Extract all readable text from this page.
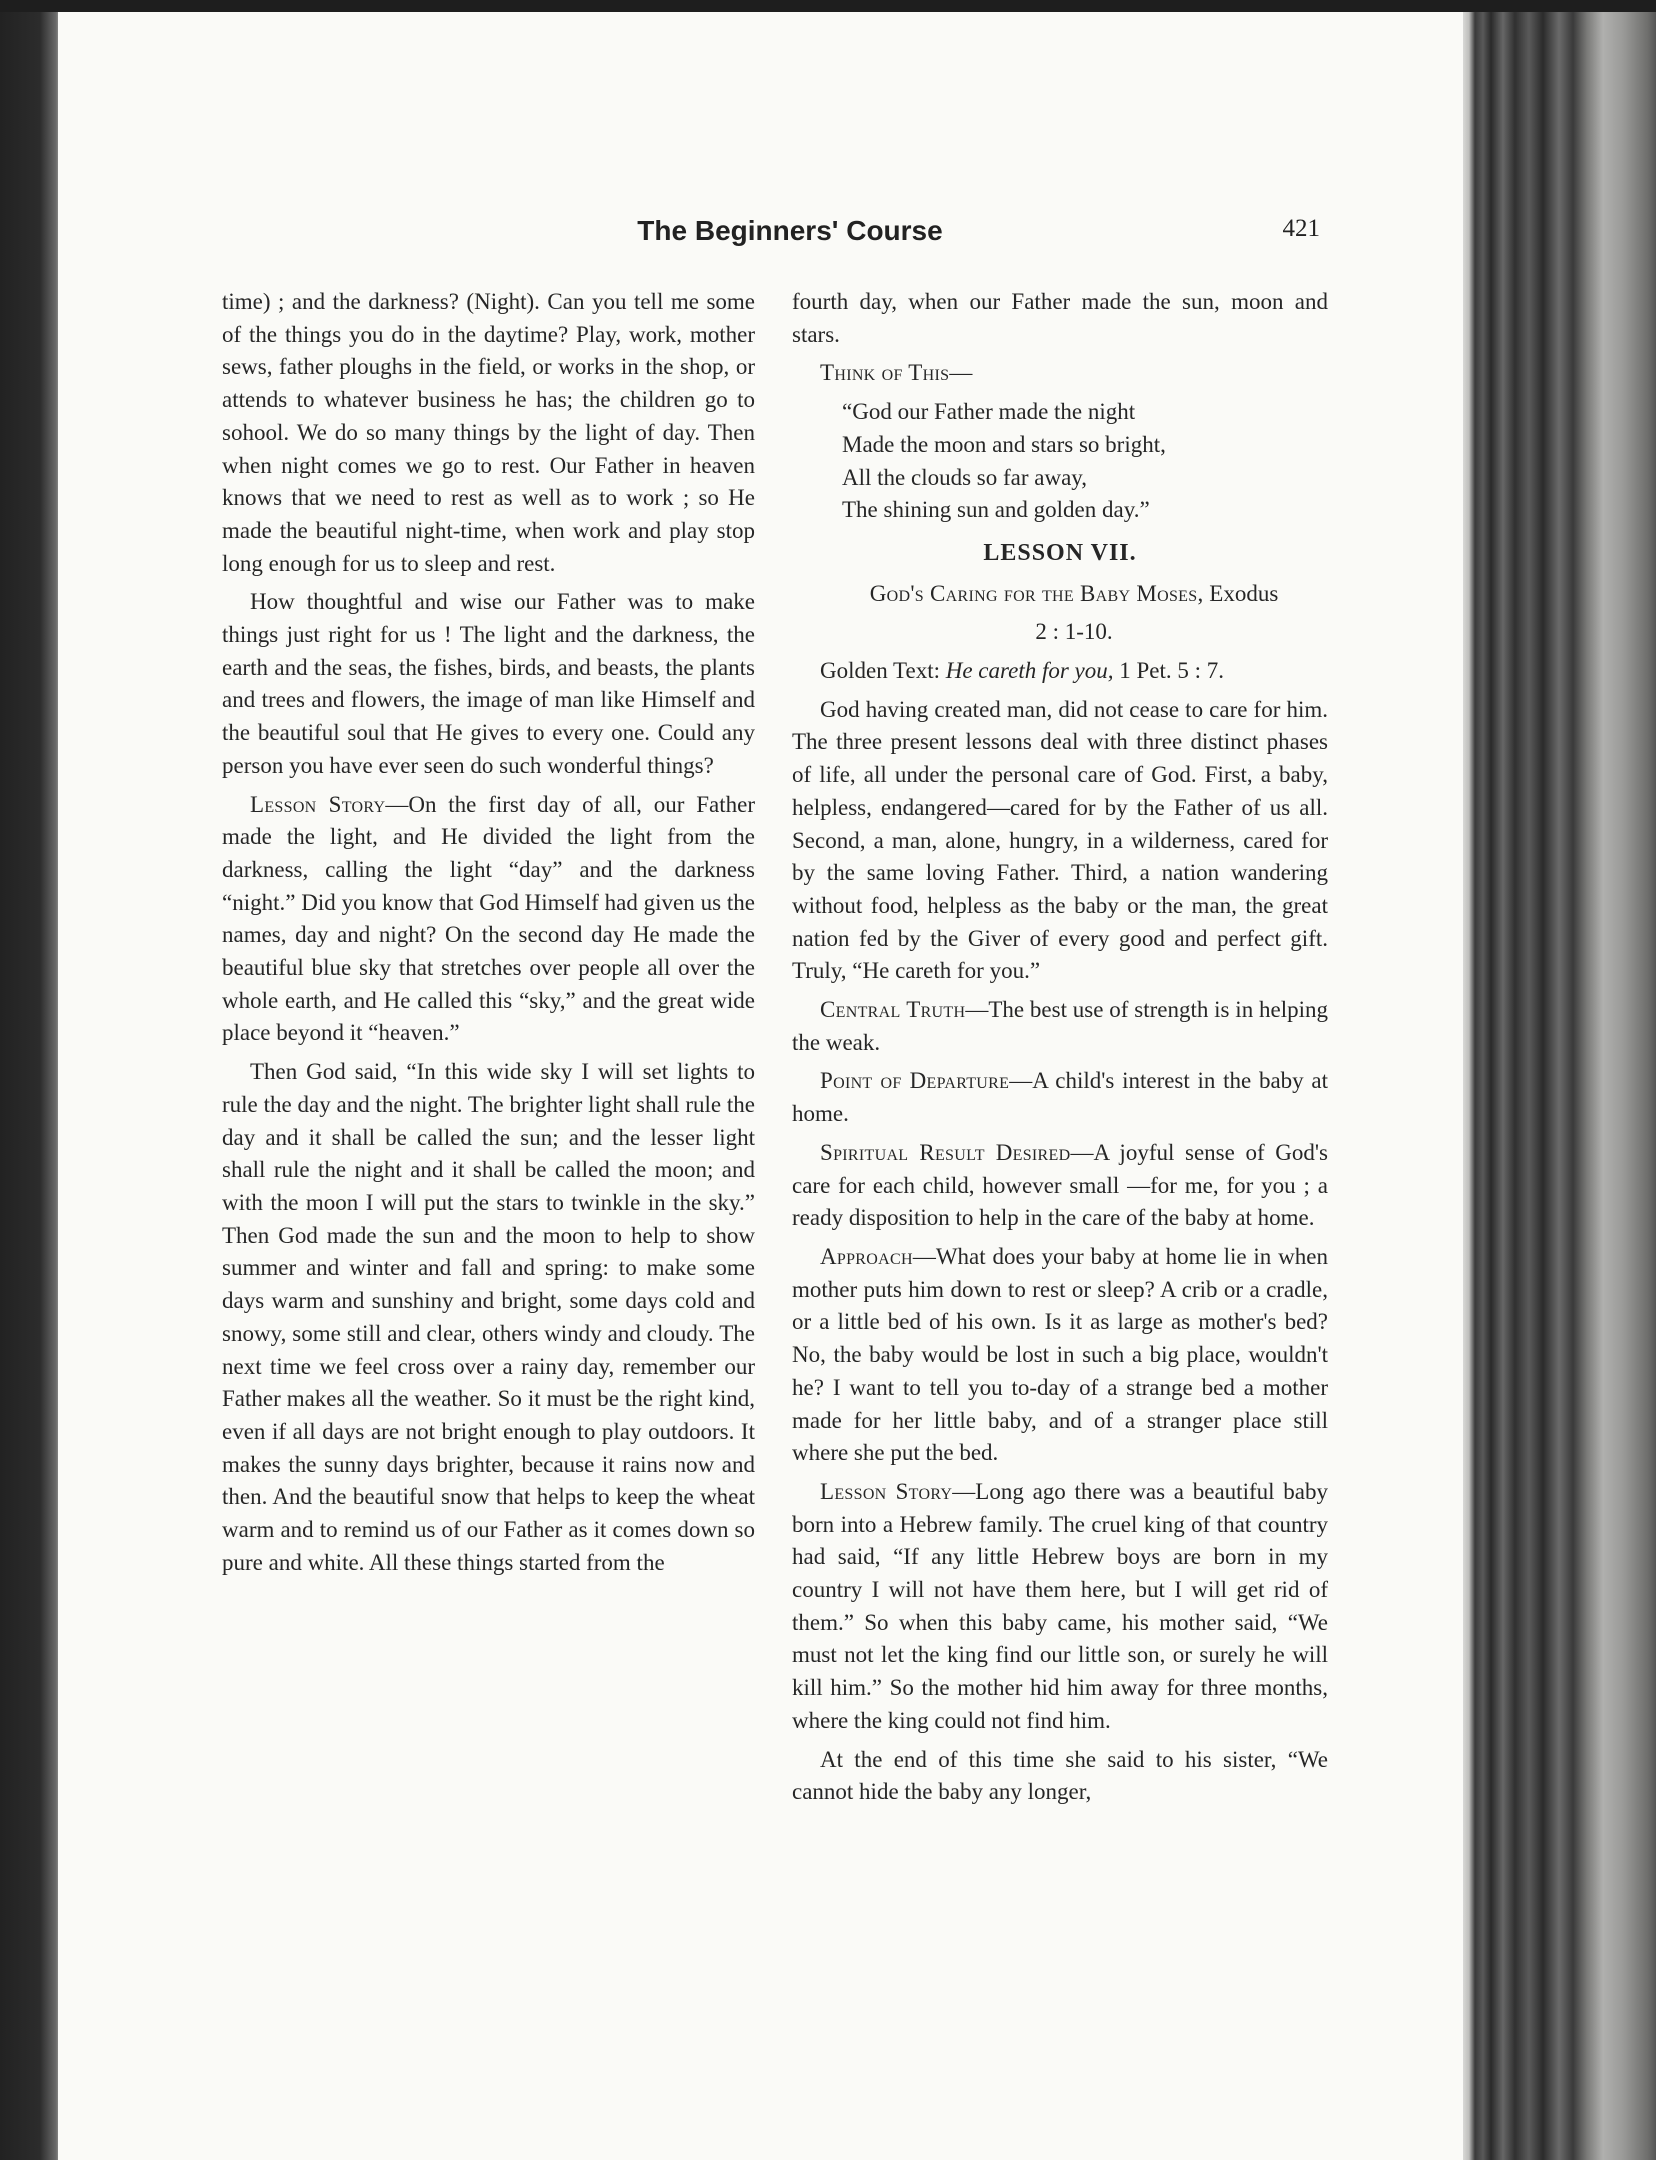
The Beginners' Course	421

time) ; and the darkness? (Night). Can you tell me some of the things you do in the daytime? Play, work, mother sews, father ploughs in the field, or works in the shop, or attends to whatever business he has; the children go to sohool. We do so many things by the light of day. Then when night comes we go to rest. Our Father in heaven knows that we need to rest as well as to work ; so He made the beautiful night-time, when work and play stop long enough for us to sleep and rest.

How thoughtful and wise our Father was to make things just right for us ! The light and the darkness, the earth and the seas, the fishes, birds, and beasts, the plants and trees and flowers, the image of man like Himself and the beautiful soul that He gives to every one. Could any person you have ever seen do such wonderful things?

Lesson Story—On the first day of all, our Father made the light, and He divided the light from the darkness, calling the light “day” and the darkness “night.” Did you know that God Himself had given us the names, day and night? On the second day He made the beautiful blue sky that stretches over people all over the whole earth, and He called this “sky,” and the great wide place beyond it “heaven.”

Then God said, “In this wide sky I will set lights to rule the day and the night. The brighter light shall rule the day and it shall be called the sun; and the lesser light shall rule the night and it shall be called the moon; and with the moon I will put the stars to twinkle in the sky.” Then God made the sun and the moon to help to show summer and winter and fall and spring: to make some days warm and sunshiny and bright, some days cold and snowy, some still and clear, others windy and cloudy. The next time we feel cross over a rainy day, remember our Father makes all the weather. So it must be the right kind, even if all days are not bright enough to play outdoors. It makes the sunny days brighter, because it rains now and then. And the beautiful snow that helps to keep the wheat warm and to remind us of our Father as it comes down so pure and white. All these things started from the

fourth day, when our Father made the sun, moon and stars.

Think of This—

“God our Father made the night
Made the moon and stars so bright,
All the clouds so far away,
The shining sun and golden day.”
LESSON VII.

God's Caring for the Baby Moses, Exodus

2 : 1-10.

Golden Text: He careth for you, 1 Pet. 5 : 7.

God having created man, did not cease to care for him. The three present lessons deal with three distinct phases of life, all under the personal care of God. First, a baby, helpless, endangered—cared for by the Father of us all. Second, a man, alone, hungry, in a wilderness, cared for by the same loving Father. Third, a nation wandering without food, helpless as the baby or the man, the great nation fed by the Giver of every good and perfect gift. Truly, “He careth for you.”

Central Truth—The best use of strength is in helping the weak.

Point of Departure—A child's interest in the baby at home.

Spiritual Result Desired—A joyful sense of God's care for each child, however small —for me, for you ; a ready disposition to help in the care of the baby at home.

Approach—What does your baby at home lie in when mother puts him down to rest or sleep? A crib or a cradle, or a little bed of his own. Is it as large as mother's bed? No, the baby would be lost in such a big place, wouldn't he? I want to tell you to-day of a strange bed a mother made for her little baby, and of a stranger place still where she put the bed.

Lesson Story—Long ago there was a beautiful baby born into a Hebrew family. The cruel king of that country had said, “If any little Hebrew boys are born in my country I will not have them here, but I will get rid of them.” So when this baby came, his mother said, “We must not let the king find our little son, or surely he will kill him.” So the mother hid him away for three months, where the king could not find him.

At the end of this time she said to his sister, “We cannot hide the baby any longer,
